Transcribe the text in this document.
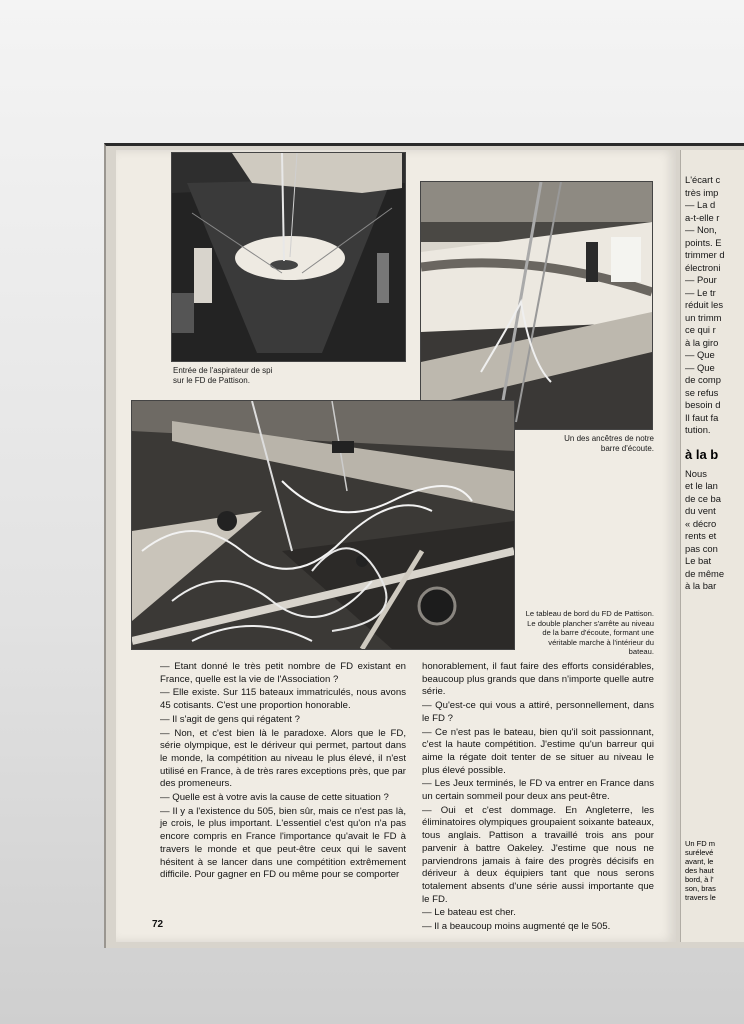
Entrée de l'aspirateur de spi sur le FD de Pattison.
Un des ancêtres de notre barre d'écoute.
Le tableau de bord du FD de Pattison. Le double plancher s'arrête au niveau de la barre d'écoute, formant une véritable marche à l'intérieur du bateau.

— Etant donné le très petit nombre de FD existant en France, quelle est la vie de l'Association ?

— Elle existe. Sur 115 bateaux immatriculés, nous avons 45 cotisants. C'est une proportion honorable.

— Il s'agit de gens qui régatent ?

— Non, et c'est bien là le paradoxe. Alors que le FD, série olympique, est le dériveur qui permet, partout dans le monde, la compétition au niveau le plus élevé, il n'est utilisé en France, à de très rares exceptions près, que par des promeneurs.

— Quelle est à votre avis la cause de cette situation ?

— Il y a l'existence du 505, bien sûr, mais ce n'est pas là, je crois, le plus important. L'essentiel c'est qu'on n'a pas encore compris en France l'importance qu'avait le FD à travers le monde et que peut-être ceux qui le savent hésitent à se lancer dans une compétition extrêmement difficile. Pour gagner en FD ou même pour se comporter

honorablement, il faut faire des efforts considérables, beaucoup plus grands que dans n'importe quelle autre série.

— Qu'est-ce qui vous a attiré, personnellement, dans le FD ?

— Ce n'est pas le bateau, bien qu'il soit passionnant, c'est la haute compétition. J'estime qu'un barreur qui aime la régate doit tenter de se situer au niveau le plus élevé possible.

— Les Jeux terminés, le FD va entrer en France dans un certain sommeil pour deux ans peut-être.

— Oui et c'est dommage. En Angleterre, les éliminatoires olympiques groupaient soixante bateaux, tous anglais. Pattison a travaillé trois ans pour parvenir à battre Oakeley. J'estime que nous ne parviendrons jamais à faire des progrès décisifs en dériveur à deux équipiers tant que nous serons totalement absents d'une série aussi importante que le FD.

— Le bateau est cher.

— Il a beaucoup moins augmenté qe le 505.

72
L'écart c
très imp
— La d
a-t-elle r
— Non,
points. E
trimmer d
électroni
— Pour
— Le tr
réduit les
un trimm
ce qui r
à la giro
— Que
— Que
de comp
se refus
besoin d
Il faut fa
tution.
à la b
Nous
et le lan
de ce ba
du vent
« décro
rents et
pas con
Le bat
de même
à la bar
Un FD m
surélevé
avant, le
des haut
bord, à l'
son, bras
travers le
